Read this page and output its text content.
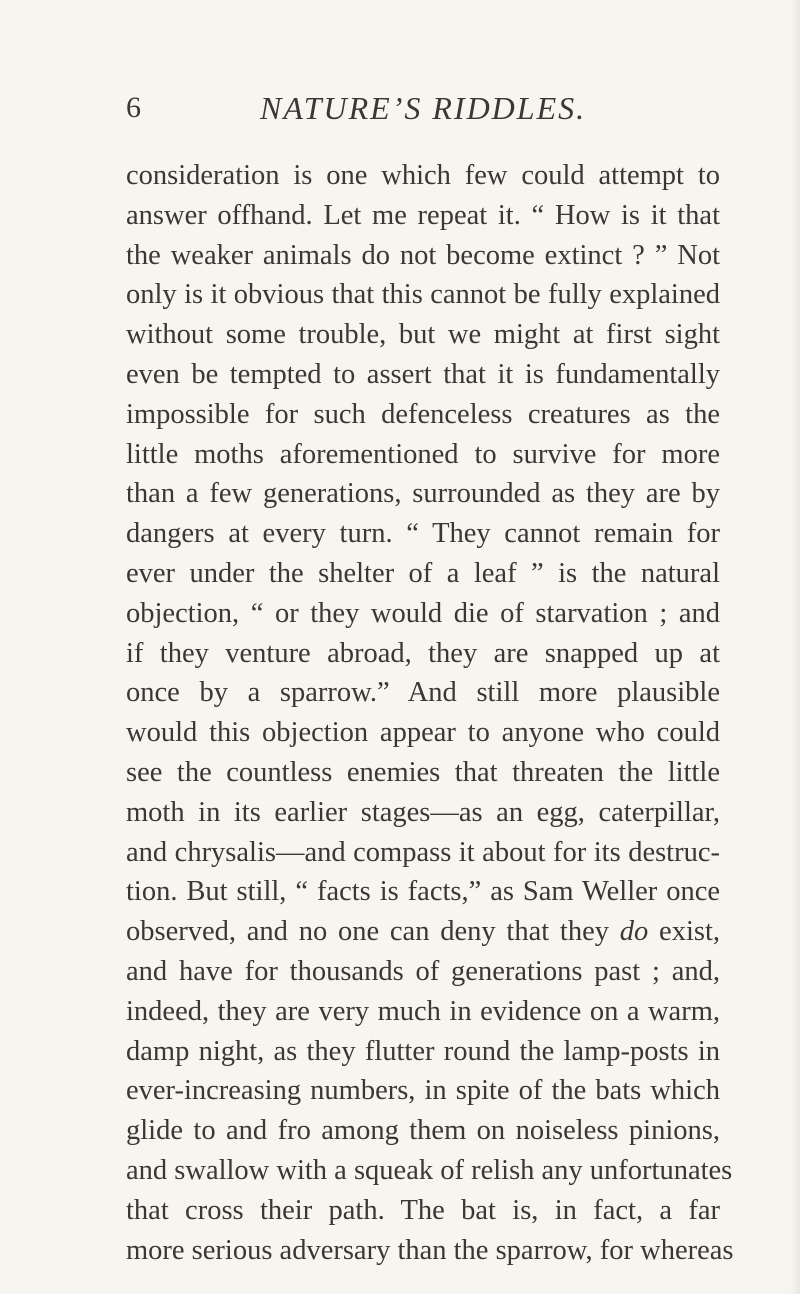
6	NATURE’S RIDDLES.
consideration is one which few could attempt to
answer offhand. Let me repeat it. “ How is it that
the weaker animals do not become extinct ? ” Not
only is it obvious that this cannot be fully explained
without some trouble, but we might at first sight
even be tempted to assert that it is fundamentally
impossible for such defenceless creatures as the
little moths aforementioned to survive for more
than a few generations, surrounded as they are by
dangers at every turn. “ They cannot remain for
ever under the shelter of a leaf ” is the natural
objection, “ or they would die of starvation ; and
if they venture abroad, they are snapped up at
once by a sparrow.” And still more plausible
would this objection appear to anyone who could
see the countless enemies that threaten the little
moth in its earlier stages—as an egg, caterpillar,
and chrysalis—and compass it about for its destruc-
tion. But still, “ facts is facts,” as Sam Weller once
observed, and no one can deny that they do exist,
and have for thousands of generations past ; and,
indeed, they are very much in evidence on a warm,
damp night, as they flutter round the lamp-posts in
ever-increasing numbers, in spite of the bats which
glide to and fro among them on noiseless pinions,
and swallow with a squeak of relish any unfortunates
that cross their path. The bat is, in fact, a far
more serious adversary than the sparrow, for whereas
